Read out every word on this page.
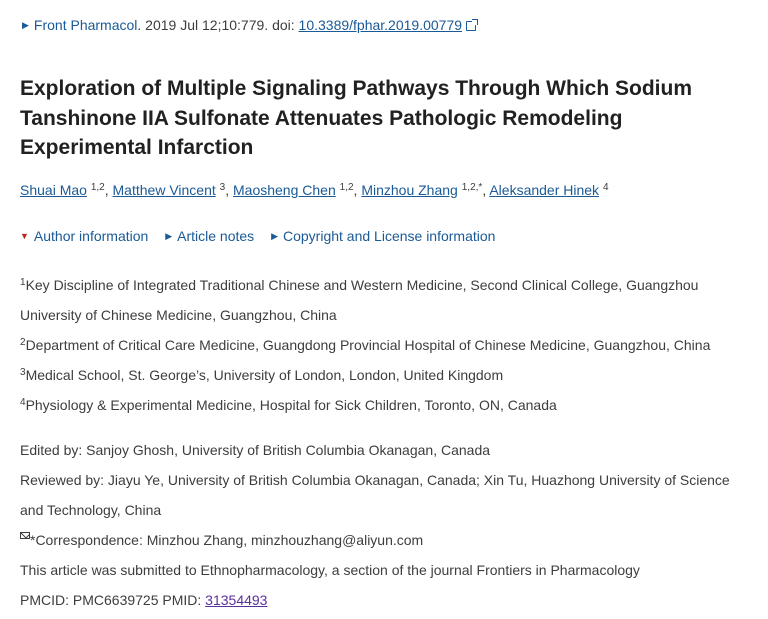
▶ Front Pharmacol. 2019 Jul 12;10:779. doi: 10.3389/fphar.2019.00779
Exploration of Multiple Signaling Pathways Through Which Sodium Tanshinone IIA Sulfonate Attenuates Pathologic Remodeling Experimental Infarction
Shuai Mao $^{1,2}$, Matthew Vincent $^3$, Maosheng Chen $^{1,2}$, Minzhou Zhang $^{1,2,*}$, Aleksander Hinek $^4$
▼ Author information ▶ Article notes ▶ Copyright and License information
$^1$Key Discipline of Integrated Traditional Chinese and Western Medicine, Second Clinical College, Guangzhou University of Chinese Medicine, Guangzhou, China
$^2$Department of Critical Care Medicine, Guangdong Provincial Hospital of Chinese Medicine, Guangzhou, China
$^3$Medical School, St. George’s, University of London, London, United Kingdom
$^4$Physiology & Experimental Medicine, Hospital for Sick Children, Toronto, ON, Canada
Edited by: Sanjoy Ghosh, University of British Columbia Okanagan, Canada
Reviewed by: Jiayu Ye, University of British Columbia Okanagan, Canada; Xin Tu, Huazhong University of Science and Technology, China
*Correspondence: Minzhou Zhang, minzhouzhang@aliyun.com
This article was submitted to Ethnopharmacology, a section of the journal Frontiers in Pharmacology
PMCID: PMC6639725 PMID: 31354493
